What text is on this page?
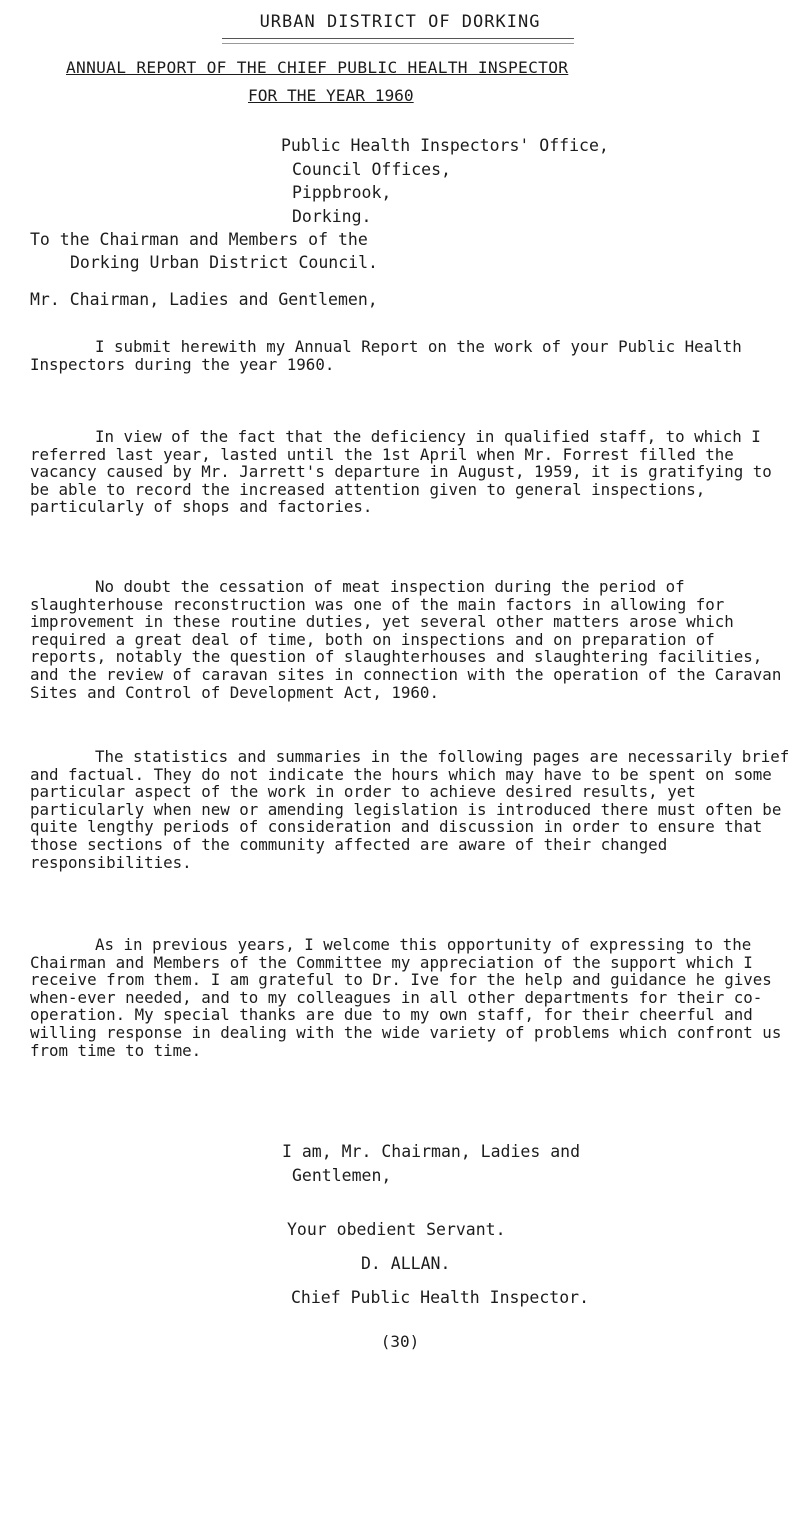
URBAN DISTRICT OF DORKING
ANNUAL REPORT OF THE CHIEF PUBLIC HEALTH INSPECTOR
FOR THE YEAR 1960
Public Health Inspectors' Office,
Council Offices,
Pippbrook,
Dorking.
To the Chairman and Members of the
Dorking Urban District Council.
Mr. Chairman, Ladies and Gentlemen,
I submit herewith my Annual Report on the work of your Public Health Inspectors during the year 1960.
In view of the fact that the deficiency in qualified staff, to which I referred last year, lasted until the 1st April when Mr. Forrest filled the vacancy caused by Mr. Jarrett's departure in August, 1959, it is gratifying to be able to record the increased attention given to general inspections, particularly of shops and factories.
No doubt the cessation of meat inspection during the period of slaughterhouse reconstruction was one of the main factors in allowing for improvement in these routine duties, yet several other matters arose which required a great deal of time, both on inspections and on preparation of reports, notably the question of slaughterhouses and slaughtering facilities, and the review of caravan sites in connection with the operation of the Caravan Sites and Control of Development Act, 1960.
The statistics and summaries in the following pages are necessarily brief and factual. They do not indicate the hours which may have to be spent on some particular aspect of the work in order to achieve desired results, yet particularly when new or amending legislation is introduced there must often be quite lengthy periods of consideration and discussion in order to ensure that those sections of the community affected are aware of their changed responsibilities.
As in previous years, I welcome this opportunity of expressing to the Chairman and Members of the Committee my appreciation of the support which I receive from them. I am grateful to Dr. Ive for the help and guidance he gives when-ever needed, and to my colleagues in all other departments for their co-operation. My special thanks are due to my own staff, for their cheerful and willing response in dealing with the wide variety of problems which confront us from time to time.
I am, Mr. Chairman, Ladies and
Gentlemen,
Your obedient Servant.
D. ALLAN.
Chief Public Health Inspector.
(30)
